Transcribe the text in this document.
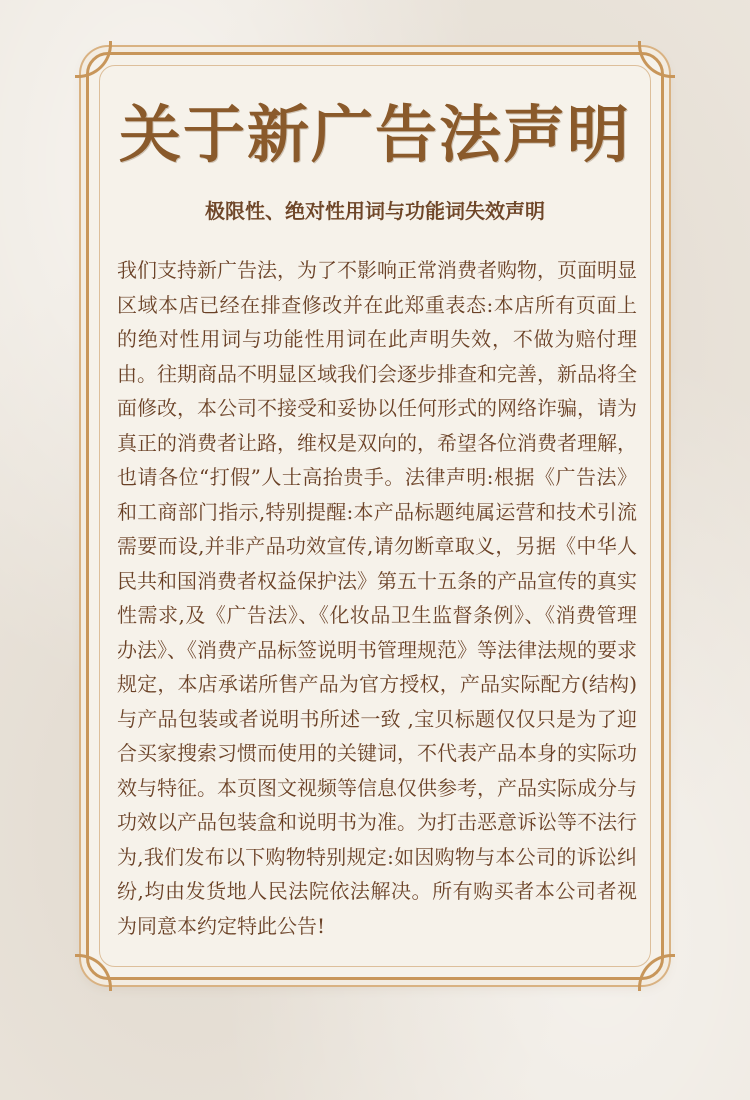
关于新广告法声明
极限性、绝对性用词与功能词失效声明

我们支持新广告法，为了不影响正常消费者购物，页面明显区域本店已经在排查修改并在此郑重表态:本店所有页面上的绝对性用词与功能性用词在此声明失效，不做为赔付理由。往期商品不明显区域我们会逐步排查和完善，新品将全面修改，本公司不接受和妥协以任何形式的网络诈骗，请为真正的消费者让路，维权是双向的，希望各位消费者理解，也请各位“打假”人士高抬贵手。法律声明:根据《广告法》和工商部门指示,特别提醒:本产品标题纯属运营和技术引流需要而设,并非产品功效宣传,请勿断章取义，另据《中华人民共和国消费者权益保护法》第五十五条的产品宣传的真实性需求,及《广告法》、《化妆品卫生监督条例》、《消费管理办法》、《消费产品标签说明书管理规范》等法律法规的要求规定，本店承诺所售产品为官方授权，产品实际配方(结构)与产品包装或者说明书所述一致 ,宝贝标题仅仅只是为了迎合买家搜索习惯而使用的关键词，不代表产品本身的实际功效与特征。本页图文视频等信息仅供参考，产品实际成分与功效以产品包装盒和说明书为准。为打击恶意诉讼等不法行为,我们发布以下购物特别规定:如因购物与本公司的诉讼纠纷,均由发货地人民法院依法解决。所有购买者本公司者视为同意本约定特此公告!
